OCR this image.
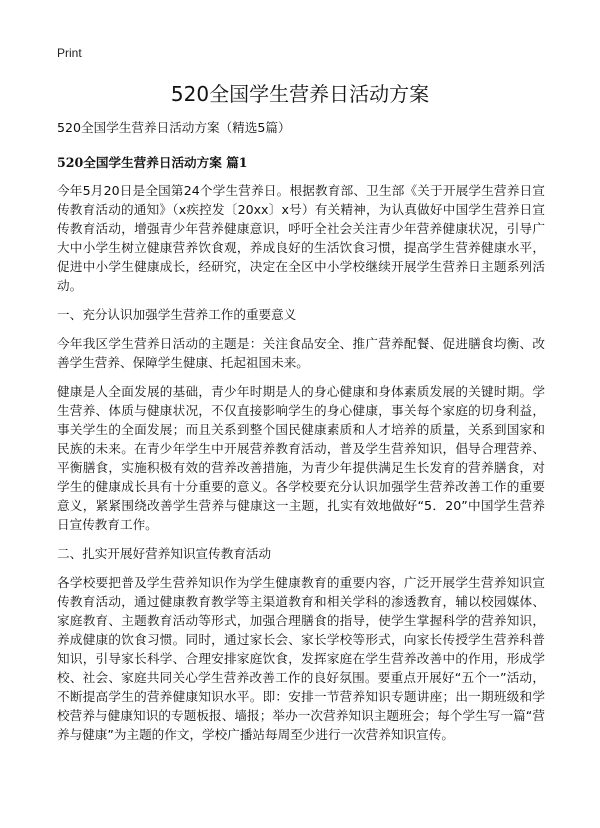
Print
520全国学生营养日活动方案

520全国学生营养日活动方案（精选5篇）

520全国学生营养日活动方案 篇1

今年5月20日是全国第24个学生营养日。根据教育部、卫生部《关于开展学生营养日宣传教育活动的通知》（x疾控发〔20xx〕x号）有关精神，为认真做好中国学生营养日宣传教育活动，增强青少年营养健康意识，呼吁全社会关注青少年营养健康状况，引导广大中小学生树立健康营养饮食观，养成良好的生活饮食习惯，提高学生营养健康水平，促进中小学生健康成长，经研究，决定在全区中小学校继续开展学生营养日主题系列活动。

一、充分认识加强学生营养工作的重要意义

今年我区学生营养日活动的主题是：关注食品安全、推广营养配餐、促进膳食均衡、改善学生营养、保障学生健康、托起祖国未来。

健康是人全面发展的基础，青少年时期是人的身心健康和身体素质发展的关键时期。学生营养、体质与健康状况，不仅直接影响学生的身心健康，事关每个家庭的切身利益，事关学生的全面发展；而且关系到整个国民健康素质和人才培养的质量，关系到国家和民族的未来。在青少年学生中开展营养教育活动，普及学生营养知识，倡导合理营养、平衡膳食，实施积极有效的营养改善措施，为青少年提供满足生长发育的营养膳食，对学生的健康成长具有十分重要的意义。各学校要充分认识加强学生营养改善工作的重要意义，紧紧围绕改善学生营养与健康这一主题，扎实有效地做好“5．20”中国学生营养日宣传教育工作。

二、扎实开展好营养知识宣传教育活动

各学校要把普及学生营养知识作为学生健康教育的重要内容，广泛开展学生营养知识宣传教育活动，通过健康教育教学等主渠道教育和相关学科的渗透教育，辅以校园媒体、家庭教育、主题教育活动等形式，加强合理膳食的指导，使学生掌握科学的营养知识，养成健康的饮食习惯。同时，通过家长会、家长学校等形式，向家长传授学生营养科普知识，引导家长科学、合理安排家庭饮食，发挥家庭在学生营养改善中的作用，形成学校、社会、家庭共同关心学生营养改善工作的良好氛围。要重点开展好“五个一”活动，不断提高学生的营养健康知识水平。即：安排一节营养知识专题讲座；出一期班级和学校营养与健康知识的专题板报、墙报；举办一次营养知识主题班会；每个学生写一篇“营养与健康”为主题的作文，学校广播站每周至少进行一次营养知识宣传。
